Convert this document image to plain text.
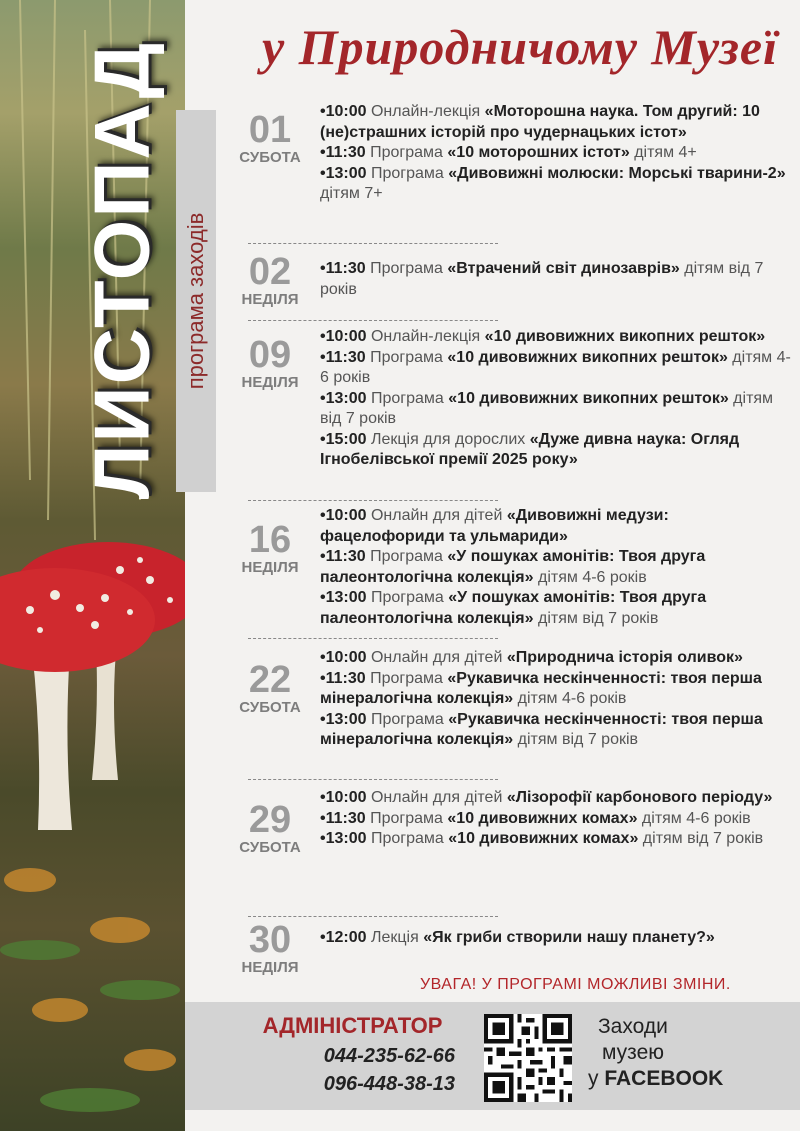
ЛИСТОПАД програма заходів
у Природничому Музеї
01
СУБОТА

•10:00 Онлайн-лекція «Моторошна наука. Том другий: 10 (не)страшних історій про чудернацьких істот»

•11:30 Програма «10 моторошних істот» дітям 4+

•13:00 Програма «Дивовижні молюски: Морські тварини-2» дітям 7+

02
НЕДІЛЯ

•11:30 Програма «Втрачений світ динозаврів» дітям від 7 років

09
НЕДІЛЯ

•10:00 Онлайн-лекція «10 дивовижних викопних решток»

•11:30 Програма «10 дивовижних викопних решток» дітям 4-6 років

•13:00 Програма «10 дивовижних викопних решток» дітям від 7 років

•15:00 Лекція для дорослих «Дуже дивна наука: Огляд Ігнобелівської премії 2025 року»

16
НЕДІЛЯ

•10:00 Онлайн для дітей «Дивовижні медузи: фацелофориди та ульмариди»

•11:30 Програма «У пошуках амонітів: Твоя друга палеонтологічна колекція» дітям 4-6 років

•13:00 Програма «У пошуках амонітів: Твоя друга палеонтологічна колекція» дітям від 7 років

22
СУБОТА

•10:00 Онлайн для дітей «Природнича історія оливок»

•11:30 Програма «Рукавичка нескінченності: твоя перша мінералогічна колекція» дітям 4-6 років

•13:00 Програма «Рукавичка нескінченності: твоя перша мінералогічна колекція» дітям від 7 років

29
СУБОТА

•10:00 Онлайн для дітей «Лізорофії карбонового періоду»

•11:30 Програма «10 дивовижних комах» дітям 4-6 років

•13:00 Програма «10 дивовижних комах» дітям від 7 років

30
НЕДІЛЯ

•12:00 Лекція «Як гриби створили нашу планету?»

УВАГА! У ПРОГРАМІ МОЖЛИВІ ЗМІНИ.
АДМІНІСТРАТОР
044-235-62-66
096-448-38-13
Заходи
музею
у FACEBOOK
